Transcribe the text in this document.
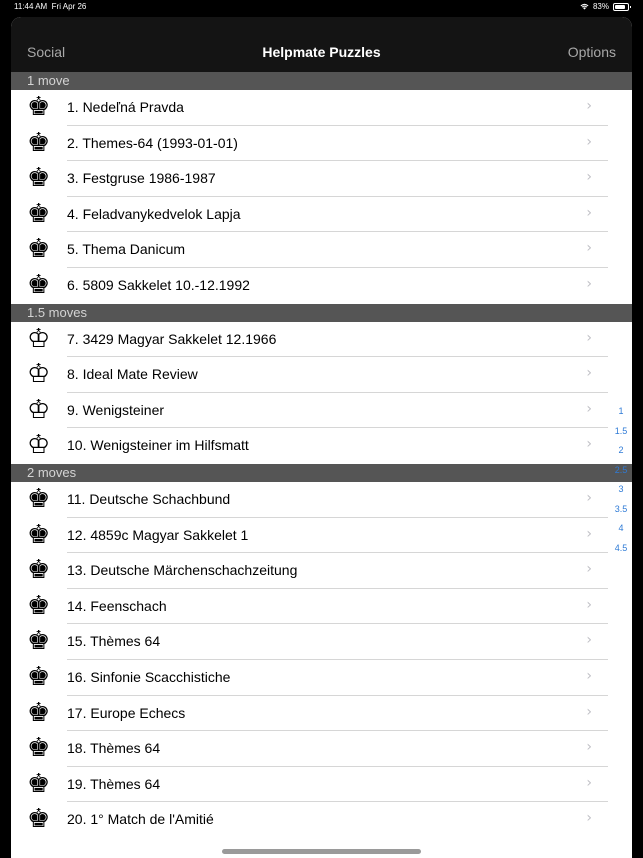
11:44 AM Fri Apr 26	83%
Social	Helpmate Puzzles	Options
1 move
♚	1. Nedeľná Pravda	›
♚	2. Themes-64 (1993-01-01)	›
♚	3. Festgruse 1986-1987	›
♚	4. Feladvanykedvelok Lapja	›
♚	5. Thema Danicum	›
♚	6. 5809 Sakkelet 10.-12.1992	›
1.5 moves
♔	7. 3429 Magyar Sakkelet 12.1966	›
♔	8. Ideal Mate Review	›
♔	9. Wenigsteiner	›
♔	10. Wenigsteiner im Hilfsmatt	›
2 moves
♚	11. Deutsche Schachbund	›
♚	12. 4859c Magyar Sakkelet 1	›
♚	13. Deutsche Märchenschachzeitung	›
♚	14. Feenschach	›
♚	15. Thèmes 64	›
♚	16. Sinfonie Scacchistiche	›
♚	17. Europe Echecs	›
♚	18. Thèmes 64	›
♚	19. Thèmes 64	›
♚	20. 1° Match de l'Amitié	›
1
1.5
2
2.5
3
3.5
4
4.5
